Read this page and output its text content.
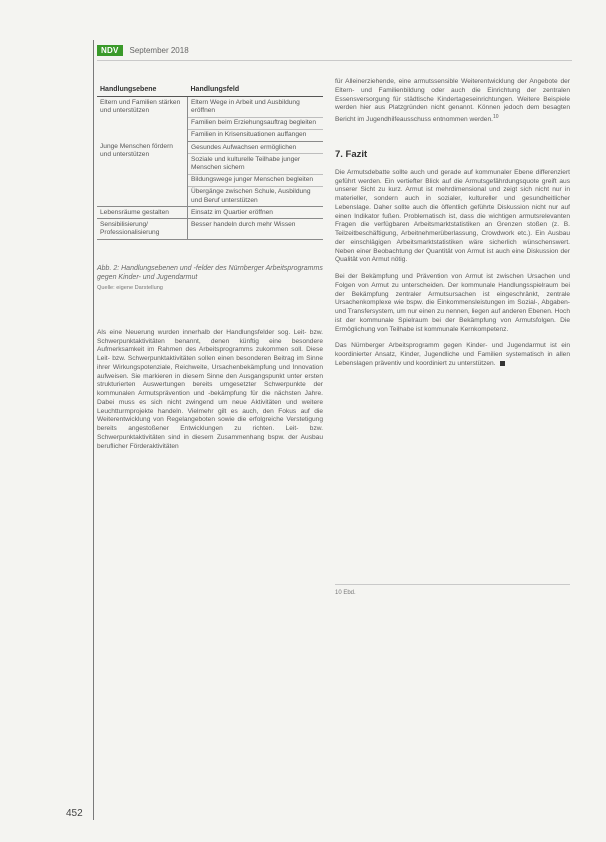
NDV	September 2018
Handlungsebene	Handlungsfeld
Eltern und Familien stärken und unterstützen	Eltern Wege in Arbeit und Ausbildung eröffnen
	Familien beim Erziehungsauftrag begleiten
	Familien in Krisensituationen auffangen
Junge Menschen fördern und unterstützen	Gesundes Aufwachsen ermöglichen
	Soziale und kulturelle Teilhabe junger Menschen sichern
	Bildungswege junger Menschen begleiten
	Übergänge zwischen Schule, Ausbildung und Beruf unterstützen
Lebensräume gestalten	Einsatz im Quartier eröffnen
Sensibilisierung/ Professionalisierung	Besser handeln durch mehr Wissen
Abb. 2: Handlungsebenen und -felder des Nürnberger Arbeitsprogramms gegen Kinder- und Jugendarmut
Quelle: eigene Darstellung

Als eine Neuerung wurden innerhalb der Handlungsfelder sog. Leit- bzw. Schwerpunktaktivitäten benannt, denen künftig eine besondere Aufmerksamkeit im Rahmen des Arbeitsprogramms zukommen soll. Diese Leit- bzw. Schwerpunktaktivitäten sollen einen besonderen Beitrag im Sinne ihrer Wirkungspotenziale, Reichweite, Ursachenbekämpfung und Innovation aufweisen. Sie markieren in diesem Sinne den Ausgangspunkt unter ersten strukturierten Auswertungen bereits umgesetzter Schwerpunkte der kommunalen Armutsprävention und -bekämpfung für die nächsten Jahre. Dabei muss es sich nicht zwingend um neue Aktivitäten und weitere Leuchtturmprojekte handeln. Vielmehr gilt es auch, den Fokus auf die Weiterentwicklung von Regelangeboten sowie die erfolgreiche Verstetigung bereits angestoßener Entwicklungen zu richten. Leit- bzw. Schwerpunktaktivitäten sind in diesem Zusammenhang bspw. der Ausbau beruflicher Förderaktivitäten

für Alleinerziehende, eine armutssensible Weiterentwicklung der Angebote der Eltern- und Familienbildung oder auch die Einrichtung der zentralen Essensversorgung für städtische Kindertageseinrichtungen. Weitere Beispiele werden hier aus Platzgründen nicht genannt. Können jedoch dem besagten Bericht im Jugendhilfeausschuss entnommen werden.$^{10}$

7. Fazit

Die Armutsdebatte sollte auch und gerade auf kommunaler Ebene differenziert geführt werden. Ein vertiefter Blick auf die Armutsgefährdungsquote greift aus unserer Sicht zu kurz. Armut ist mehrdimensional und zeigt sich nicht nur in materieller, sondern auch in sozialer, kultureller und gesundheitlicher Lebenslage. Daher sollte auch die öffentlich geführte Diskussion nicht nur auf einen Indikator fußen. Problematisch ist, dass die wichtigen armutsrelevanten Fragen die verfügbaren Arbeitsmarktstatistiken an Grenzen stoßen (z. B. Teilzeitbeschäftigung, Arbeitnehmerüberlassung, Crowdwork etc.). Ein Ausbau der einschlägigen Arbeitsmarktstatistiken wäre sicherlich wünschenswert. Neben einer Beobachtung der Quantität von Armut ist auch eine Diskussion der Qualität von Armut nötig.

Bei der Bekämpfung und Prävention von Armut ist zwischen Ursachen und Folgen von Armut zu unterscheiden. Der kommunale Handlungsspielraum bei der Bekämpfung zentraler Armutsursachen ist eingeschränkt, zentrale Ursachenkomplexe wie bspw. die Einkommensleistungen im Sozial-, Abgaben- und Transfersystem, um nur einen zu nennen, liegen auf anderen Ebenen. Hoch ist der kommunale Spielraum bei der Bekämpfung von Armutsfolgen. Die Ermöglichung von Teilhabe ist kommunale Kernkompetenz.

Das Nürnberger Arbeitsprogramm gegen Kinder- und Jugendarmut ist ein koordinierter Ansatz, Kinder, Jugendliche und Familien systematisch in allen Lebenslagen präventiv und koordiniert zu unterstützen.

10 Ebd.
452
